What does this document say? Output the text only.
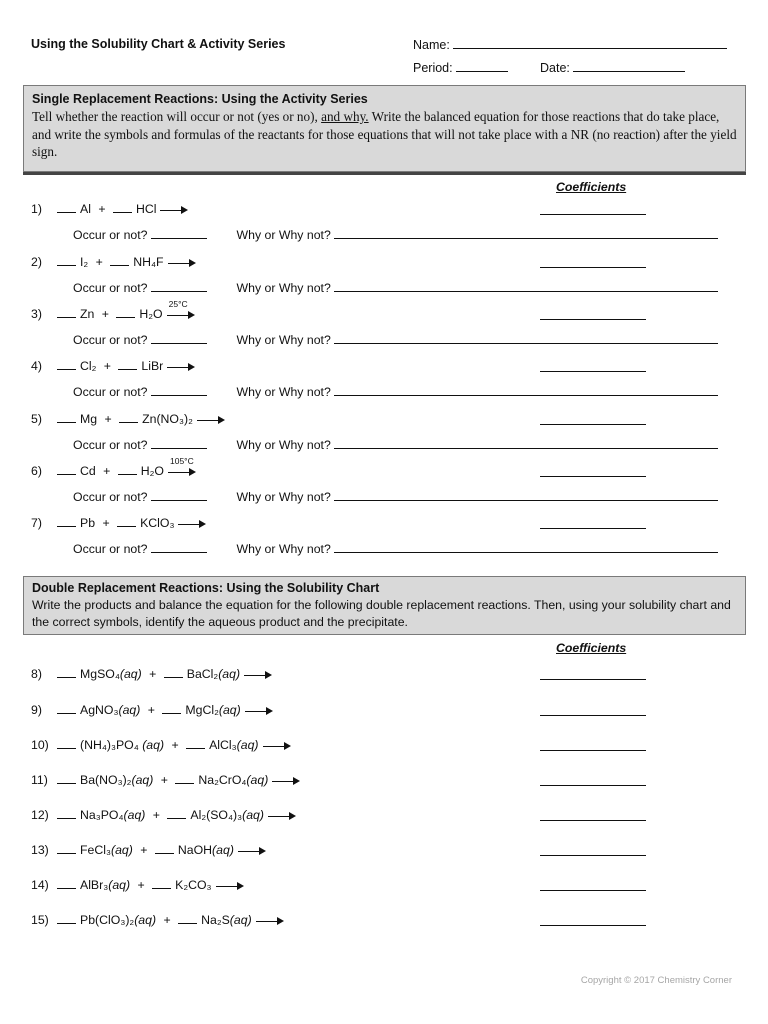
Using the Solubility Chart & Activity Series	Name:
Period:	Date:
Single Replacement Reactions: Using the Activity Series
Tell whether the reaction will occur or not (yes or no), and why. Write the balanced equation for those reactions that do take place, and write the symbols and formulas of the reactants for those equations that will not take place with a NR (no reaction) after the yield sign.
Coefficients
1)	Al + HCl
Occur or not?	Why or Why not?
2)	I₂ + NH₄F
Occur or not?	Why or Why not?
3)	Zn + H₂O
25°C
Occur or not?	Why or Why not?
4)	Cl₂ + LiBr
Occur or not?	Why or Why not?
5)	Mg + Zn(NO₃)₂
Occur or not?	Why or Why not?
6)	Cd + H₂O
105°C
Occur or not?	Why or Why not?
7)	Pb + KClO₃
Occur or not?	Why or Why not?
Double Replacement Reactions: Using the Solubility Chart
Write the products and balance the equation for the following double replacement reactions. Then, using your solubility chart and the correct symbols, identify the aqueous product and the precipitate.
Coefficients
8)	MgSO₄(aq) + BaCl₂(aq)
9)	AgNO₃(aq) + MgCl₂(aq)
10)	(NH₄)₃PO₄ (aq) + AlCl₃(aq)
11)	Ba(NO₃)₂(aq) + Na₂CrO₄(aq)
12)	Na₃PO₄(aq) + Al₂(SO₄)₃(aq)
13)	FeCl₃(aq) + NaOH(aq)
14)	AlBr₃(aq) + K₂CO₃
15)	Pb(ClO₃)₂(aq) + Na₂S(aq)
Copyright © 2017 Chemistry Corner
